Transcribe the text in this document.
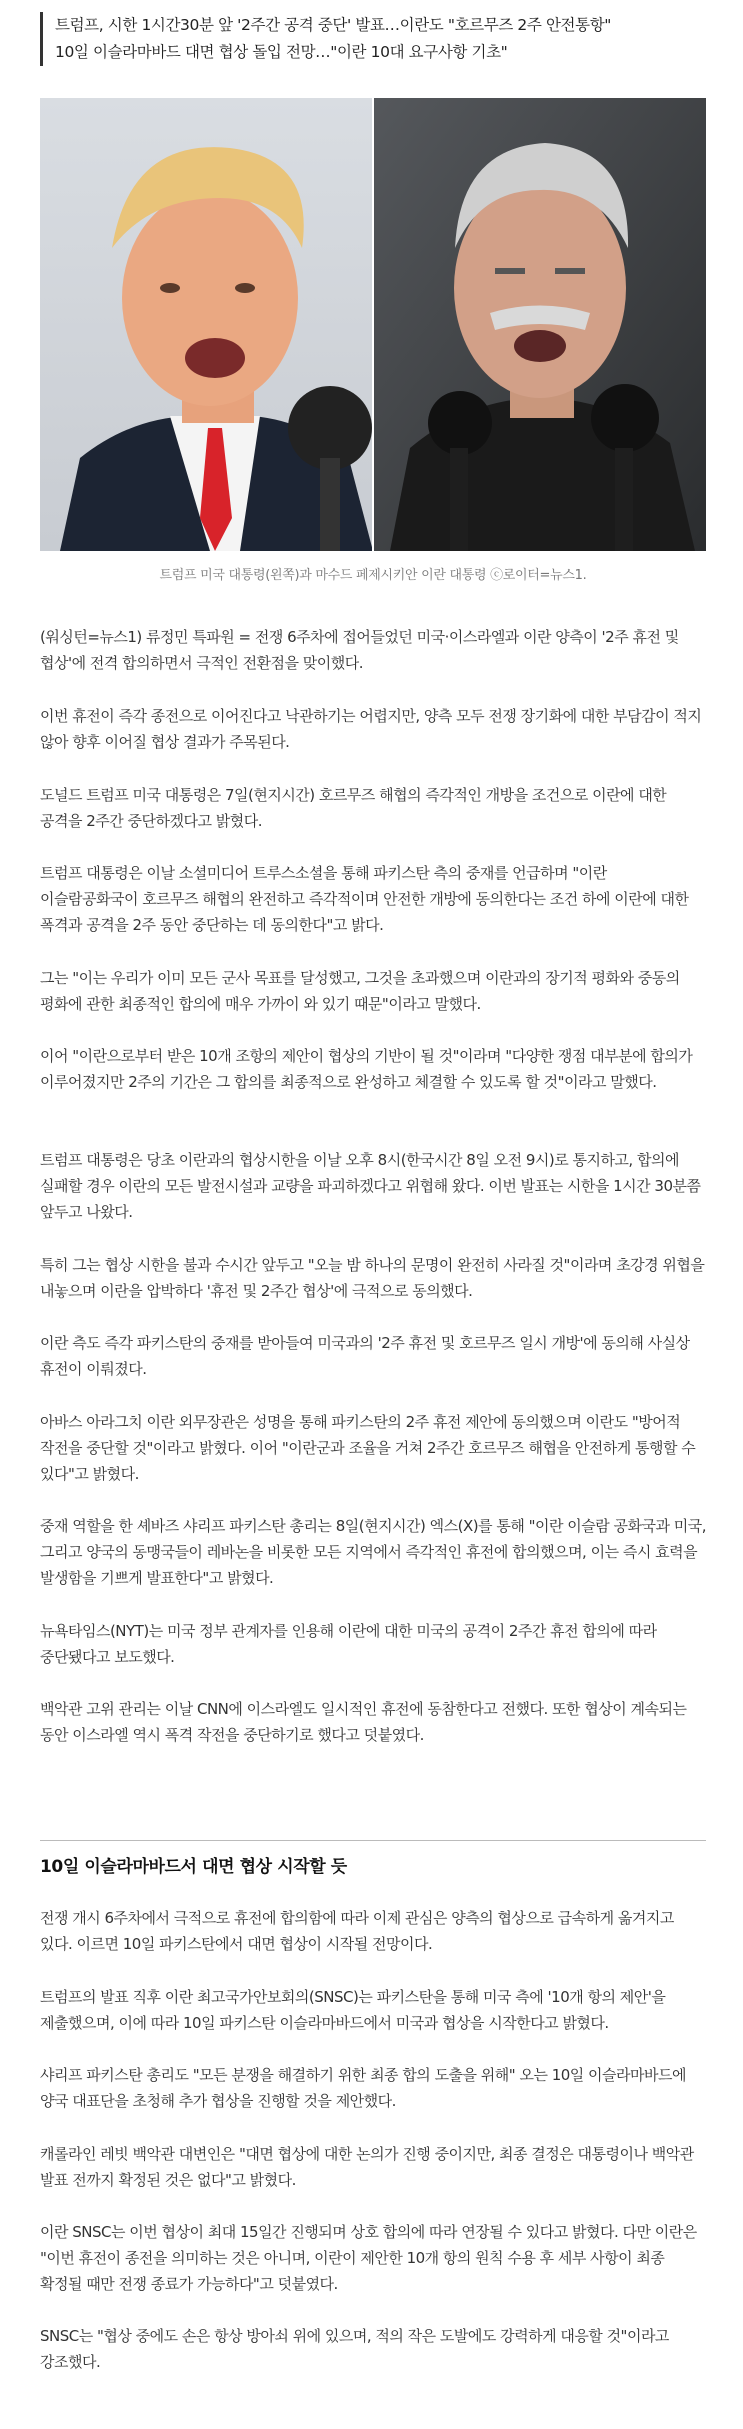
트럼프, 시한 1시간30분 앞 '2주간 공격 중단' 발표…이란도 "호르무즈 2주 안전통항"

10일 이슬라마바드 대면 협상 돌입 전망…"이란 10대 요구사항 기초"

트럼프 미국 대통령(왼쪽)과 마수드 페제시키안 이란 대통령 ⓒ로이터=뉴스1.

(워싱턴=뉴스1) 류정민 특파원 = 전쟁 6주차에 접어들었던 미국·이스라엘과 이란 양측이 '2주 휴전 및 협상'에 전격 합의하면서 극적인 전환점을 맞이했다.

이번 휴전이 즉각 종전으로 이어진다고 낙관하기는 어렵지만, 양측 모두 전쟁 장기화에 대한 부담감이 적지 않아 향후 이어질 협상 결과가 주목된다.

도널드 트럼프 미국 대통령은 7일(현지시간) 호르무즈 해협의 즉각적인 개방을 조건으로 이란에 대한 공격을 2주간 중단하겠다고 밝혔다.

트럼프 대통령은 이날 소셜미디어 트루스소셜을 통해 파키스탄 측의 중재를 언급하며 "이란 이슬람공화국이 호르무즈 해협의 완전하고 즉각적이며 안전한 개방에 동의한다는 조건 하에 이란에 대한 폭격과 공격을 2주 동안 중단하는 데 동의한다"고 밝다.

그는 "이는 우리가 이미 모든 군사 목표를 달성했고, 그것을 초과했으며 이란과의 장기적 평화와 중동의 평화에 관한 최종적인 합의에 매우 가까이 와 있기 때문"이라고 말했다.

이어 "이란으로부터 받은 10개 조항의 제안이 협상의 기반이 될 것"이라며 "다양한 쟁점 대부분에 합의가 이루어졌지만 2주의 기간은 그 합의를 최종적으로 완성하고 체결할 수 있도록 할 것"이라고 말했다.

트럼프 대통령은 당초 이란과의 협상시한을 이날 오후 8시(한국시간 8일 오전 9시)로 통지하고, 합의에 실패할 경우 이란의 모든 발전시설과 교량을 파괴하겠다고 위협해 왔다. 이번 발표는 시한을 1시간 30분쯤 앞두고 나왔다.

특히 그는 협상 시한을 불과 수시간 앞두고 "오늘 밤 하나의 문명이 완전히 사라질 것"이라며 초강경 위협을 내놓으며 이란을 압박하다 '휴전 및 2주간 협상'에 극적으로 동의했다.

이란 측도 즉각 파키스탄의 중재를 받아들여 미국과의 '2주 휴전 및 호르무즈 일시 개방'에 동의해 사실상 휴전이 이뤄졌다.

아바스 아라그치 이란 외무장관은 성명을 통해 파키스탄의 2주 휴전 제안에 동의했으며 이란도 "방어적 작전을 중단할 것"이라고 밝혔다. 이어 "이란군과 조율을 거쳐 2주간 호르무즈 해협을 안전하게 통행할 수 있다"고 밝혔다.

중재 역할을 한 셰바즈 샤리프 파키스탄 총리는 8일(현지시간) 엑스(X)를 통해 "이란 이슬람 공화국과 미국, 그리고 양국의 동맹국들이 레바논을 비롯한 모든 지역에서 즉각적인 휴전에 합의했으며, 이는 즉시 효력을 발생함을 기쁘게 발표한다"고 밝혔다.

뉴욕타임스(NYT)는 미국 정부 관계자를 인용해 이란에 대한 미국의 공격이 2주간 휴전 합의에 따라 중단됐다고 보도했다.

백악관 고위 관리는 이날 CNN에 이스라엘도 일시적인 휴전에 동참한다고 전했다. 또한 협상이 계속되는 동안 이스라엘 역시 폭격 작전을 중단하기로 했다고 덧붙였다.

10일 이슬라마바드서 대면 협상 시작할 듯

전쟁 개시 6주차에서 극적으로 휴전에 합의함에 따라 이제 관심은 양측의 협상으로 급속하게 옮겨지고 있다. 이르면 10일 파키스탄에서 대면 협상이 시작될 전망이다.

트럼프의 발표 직후 이란 최고국가안보회의(SNSC)는 파키스탄을 통해 미국 측에 '10개 항의 제안'을 제출했으며, 이에 따라 10일 파키스탄 이슬라마바드에서 미국과 협상을 시작한다고 밝혔다.

샤리프 파키스탄 총리도 "모든 분쟁을 해결하기 위한 최종 합의 도출을 위해" 오는 10일 이슬라마바드에 양국 대표단을 초청해 추가 협상을 진행할 것을 제안했다.

캐롤라인 레빗 백악관 대변인은 "대면 협상에 대한 논의가 진행 중이지만, 최종 결정은 대통령이나 백악관 발표 전까지 확정된 것은 없다"고 밝혔다.

이란 SNSC는 이번 협상이 최대 15일간 진행되며 상호 합의에 따라 연장될 수 있다고 밝혔다. 다만 이란은 "이번 휴전이 종전을 의미하는 것은 아니며, 이란이 제안한 10개 항의 원칙 수용 후 세부 사항이 최종 확정될 때만 전쟁 종료가 가능하다"고 덧붙였다.

SNSC는 "협상 중에도 손은 항상 방아쇠 위에 있으며, 적의 작은 도발에도 강력하게 대응할 것"이라고 강조했다.
